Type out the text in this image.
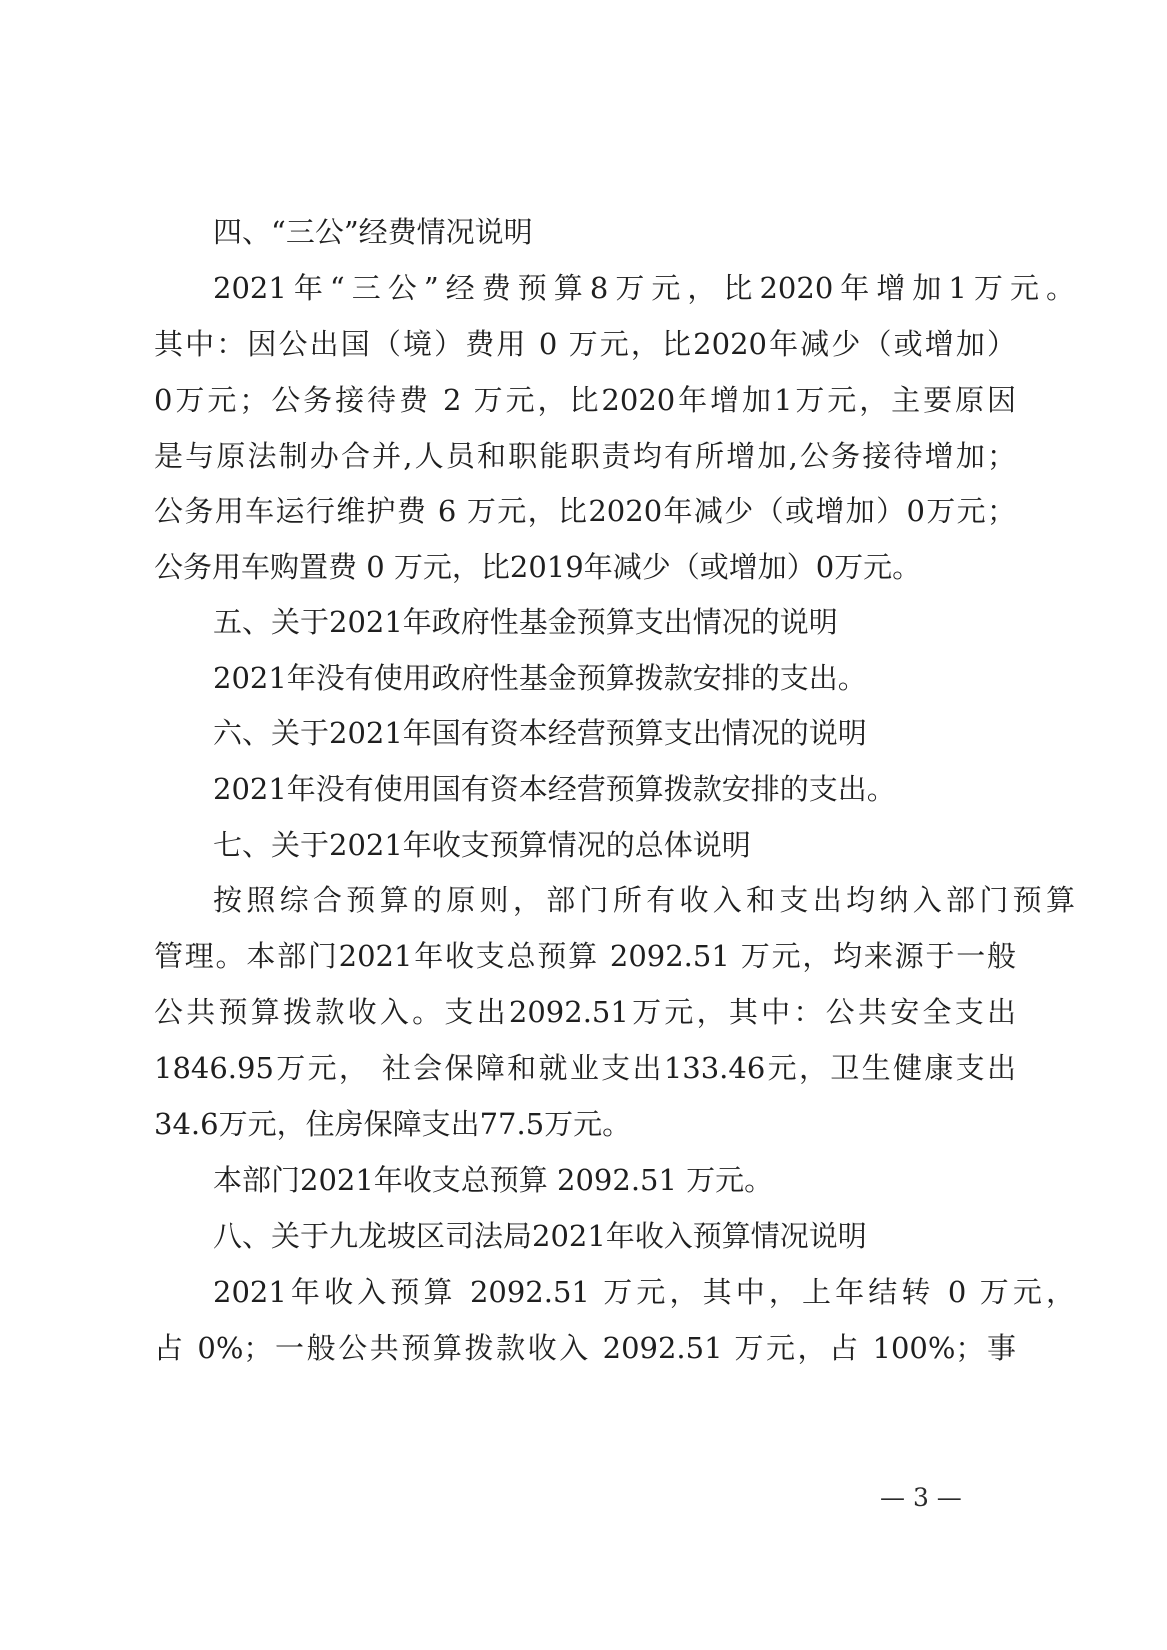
四、“三公”经费情况说明
2021年“三公”经费预算8万元，比2020年增加1万元。
其中：因公出国（境）费用 0 万元，比2020年减少（或增加）
0万元；公务接待费 2 万元，比2020年增加1万元，主要原因
是与原法制办合并,人员和职能职责均有所增加,公务接待增加；
公务用车运行维护费 6 万元，比2020年减少（或增加）0万元；
公务用车购置费 0 万元，比2019年减少（或增加）0万元。
五、关于2021年政府性基金预算支出情况的说明
2021年没有使用政府性基金预算拨款安排的支出。
六、关于2021年国有资本经营预算支出情况的说明
2021年没有使用国有资本经营预算拨款安排的支出。
七、关于2021年收支预算情况的总体说明
按照综合预算的原则，部门所有收入和支出均纳入部门预算
管理。本部门2021年收支总预算 2092.51 万元，均来源于一般
公共预算拨款收入。支出2092.51万元，其中：公共安全支出
1846.95万元， 社会保障和就业支出133.46元，卫生健康支出
34.6万元，住房保障支出77.5万元。
本部门2021年收支总预算 2092.51 万元。
八、关于九龙坡区司法局2021年收入预算情况说明
2021年收入预算 2092.51 万元，其中，上年结转 0 万元，
占 0%；一般公共预算拨款收入 2092.51 万元，占 100%；事
— 3 —
